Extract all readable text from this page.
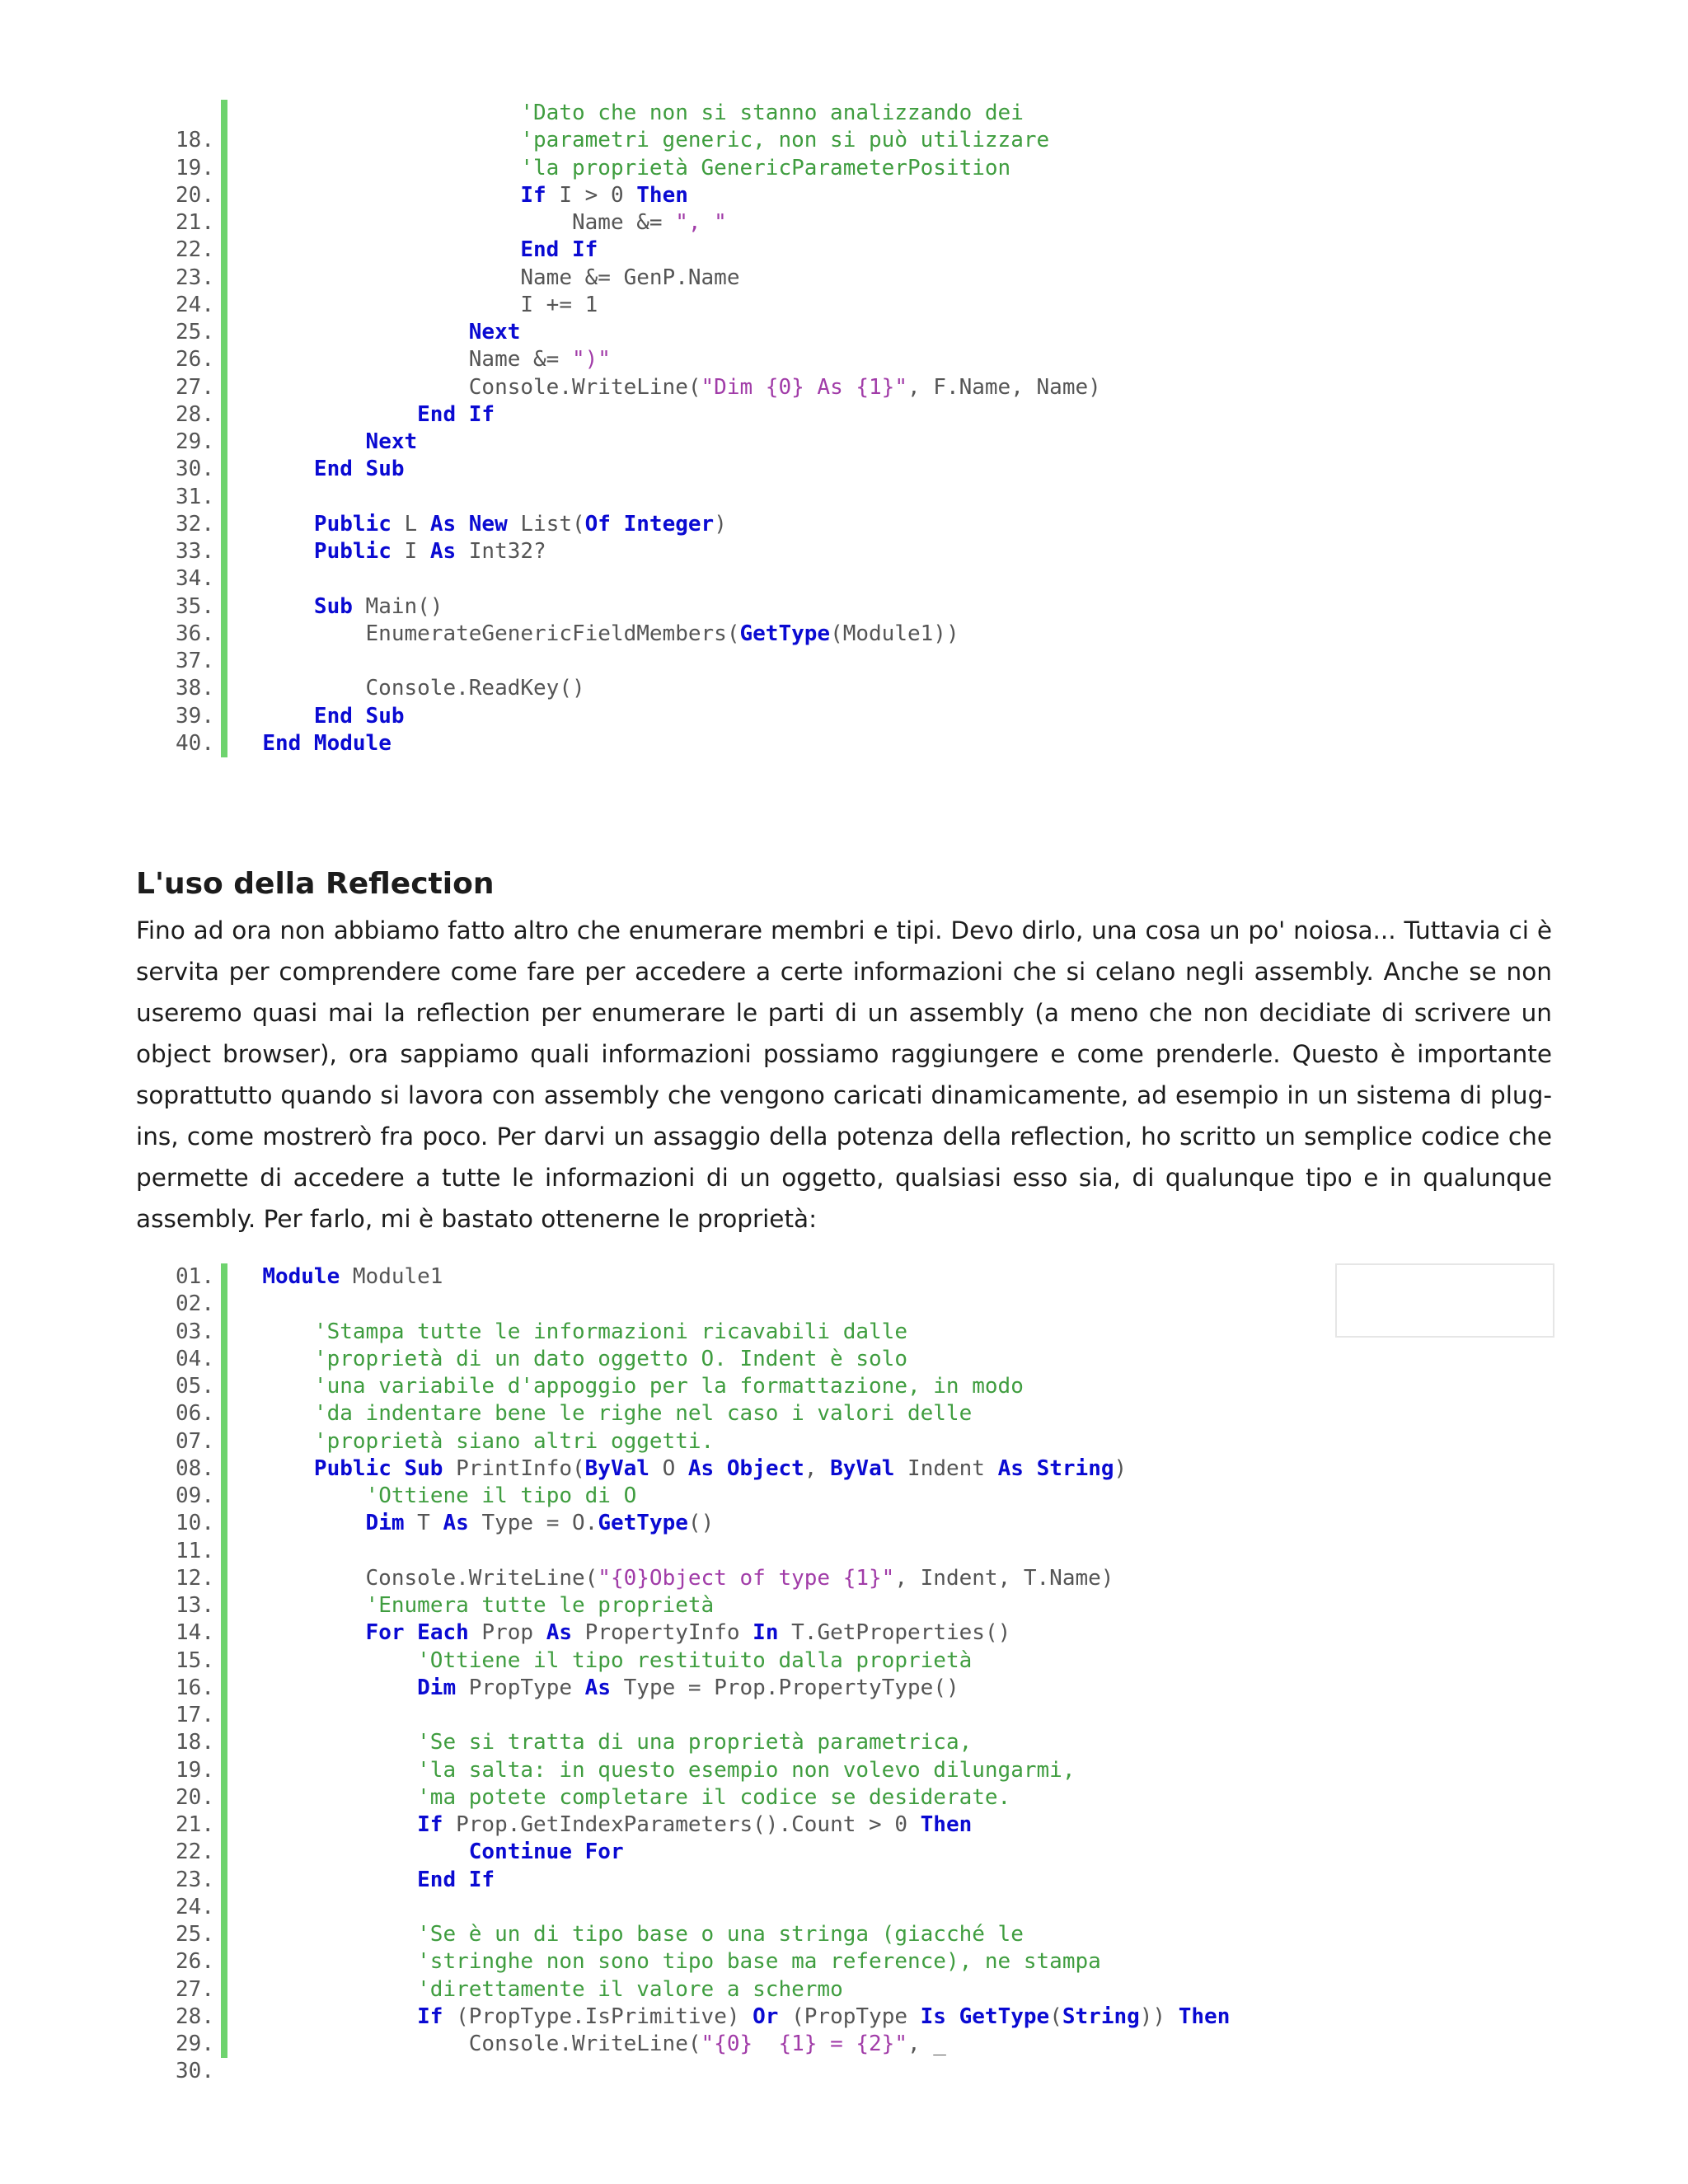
'Dato che non si stanno analizzando dei
18.	'parametri generic, non si può utilizzare
19.	'la proprietà GenericParameterPosition
20.	If I > 0 Then
21. Name &= ", "
22.	End If
23. Name &= GenP.Name
24. I += 1
25.	Next
26. Name &= ")"
27. Console.WriteLine("Dim {0} As {1}", F.Name, Name)
28.	End If
29.	Next
30.	End Sub
31.
32.	Public L As New List(Of Integer)
33.	Public I As Int32?
34.
35.	Sub Main()
36. EnumerateGenericFieldMembers(GetType(Module1))
37.
38. Console.ReadKey()
39.	End Sub
40.	End Module
L'uso della Reflection

Fino ad ora non abbiamo fatto altro che enumerare membri e tipi. Devo dirlo, una cosa un po' noiosa... Tuttavia ci è servita per comprendere come fare per accedere a certe informazioni che si celano negli assembly. Anche se non useremo quasi mai la reflection per enumerare le parti di un assembly (a meno che non decidiate di scrivere un object browser), ora sappiamo quali informazioni possiamo raggiungere e come prenderle. Questo è importante soprattutto quando si lavora con assembly che vengono caricati dinamicamente, ad esempio in un sistema di plug-ins, come mostrerò fra poco. Per darvi un assaggio della potenza della reflection, ho scritto un semplice codice che permette di accedere a tutte le informazioni di un oggetto, qualsiasi esso sia, di qualunque tipo e in qualunque assembly. Per farlo, mi è bastato ottenerne le proprietà:

01.	Module Module1
02.
03.	'Stampa tutte le informazioni ricavabili dalle
04.	'proprietà di un dato oggetto O. Indent è solo
05.	'una variabile d'appoggio per la formattazione, in modo
06.	'da indentare bene le righe nel caso i valori delle
07.	'proprietà siano altri oggetti.
08.	Public Sub PrintInfo(ByVal O As Object, ByVal Indent As String)
09.	'Ottiene il tipo di O
10.	Dim T As Type = O.GetType()
11.
12. Console.WriteLine("{0}Object of type {1}", Indent, T.Name)
13.	'Enumera tutte le proprietà
14.	For Each Prop As PropertyInfo In T.GetProperties()
15.	'Ottiene il tipo restituito dalla proprietà
16.	Dim PropType As Type = Prop.PropertyType()
17.
18.	'Se si tratta di una proprietà parametrica,
19.	'la salta: in questo esempio non volevo dilungarmi,
20.	'ma potete completare il codice se desiderate.
21.	If Prop.GetIndexParameters().Count > 0 Then
22.	Continue For
23.	End If
24.
25.	'Se è un di tipo base o una stringa (giacché le
26.	'stringhe non sono tipo base ma reference), ne stampa
27.	'direttamente il valore a schermo
28.	If (PropType.IsPrimitive) Or (PropType Is GetType(String)) Then
29. Console.WriteLine("{0}  {1} = {2}", _
30.
